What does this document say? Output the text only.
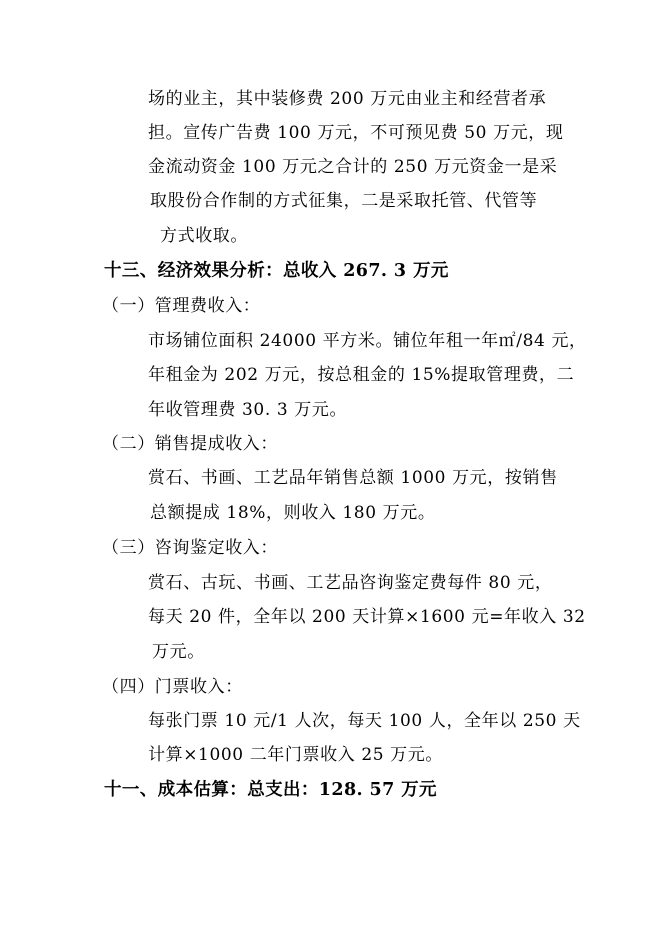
场的业主，其中装修费 200 万元由业主和经营者承
担。宣传广告费 100 万元，不可预见费 50 万元，现
金流动资金 100 万元之合计的 250 万元资金一是采
取股份合作制的方式征集，二是采取托管、代管等
方式收取。
十三、经济效果分析：总收入 267. 3 万元
（一）管理费收入：
市场铺位面积 24000 平方米。铺位年租一年㎡/84 元，
年租金为 202 万元，按总租金的 15%提取管理费，二
年收管理费 30. 3 万元。
（二）销售提成收入：
赏石、书画、工艺品年销售总额 1000 万元，按销售
总额提成 18%，则收入 180 万元。
（三）咨询鉴定收入：
赏石、古玩、书画、工艺品咨询鉴定费每件 80 元，
每天 20 件，全年以 200 天计算×1600 元=年收入 32
万元。
（四）门票收入：
每张门票 10 元/1 人次，每天 100 人，全年以 250 天
计算×1000 二年门票收入 25 万元。
十一、成本估算：总支出：128. 57 万元
